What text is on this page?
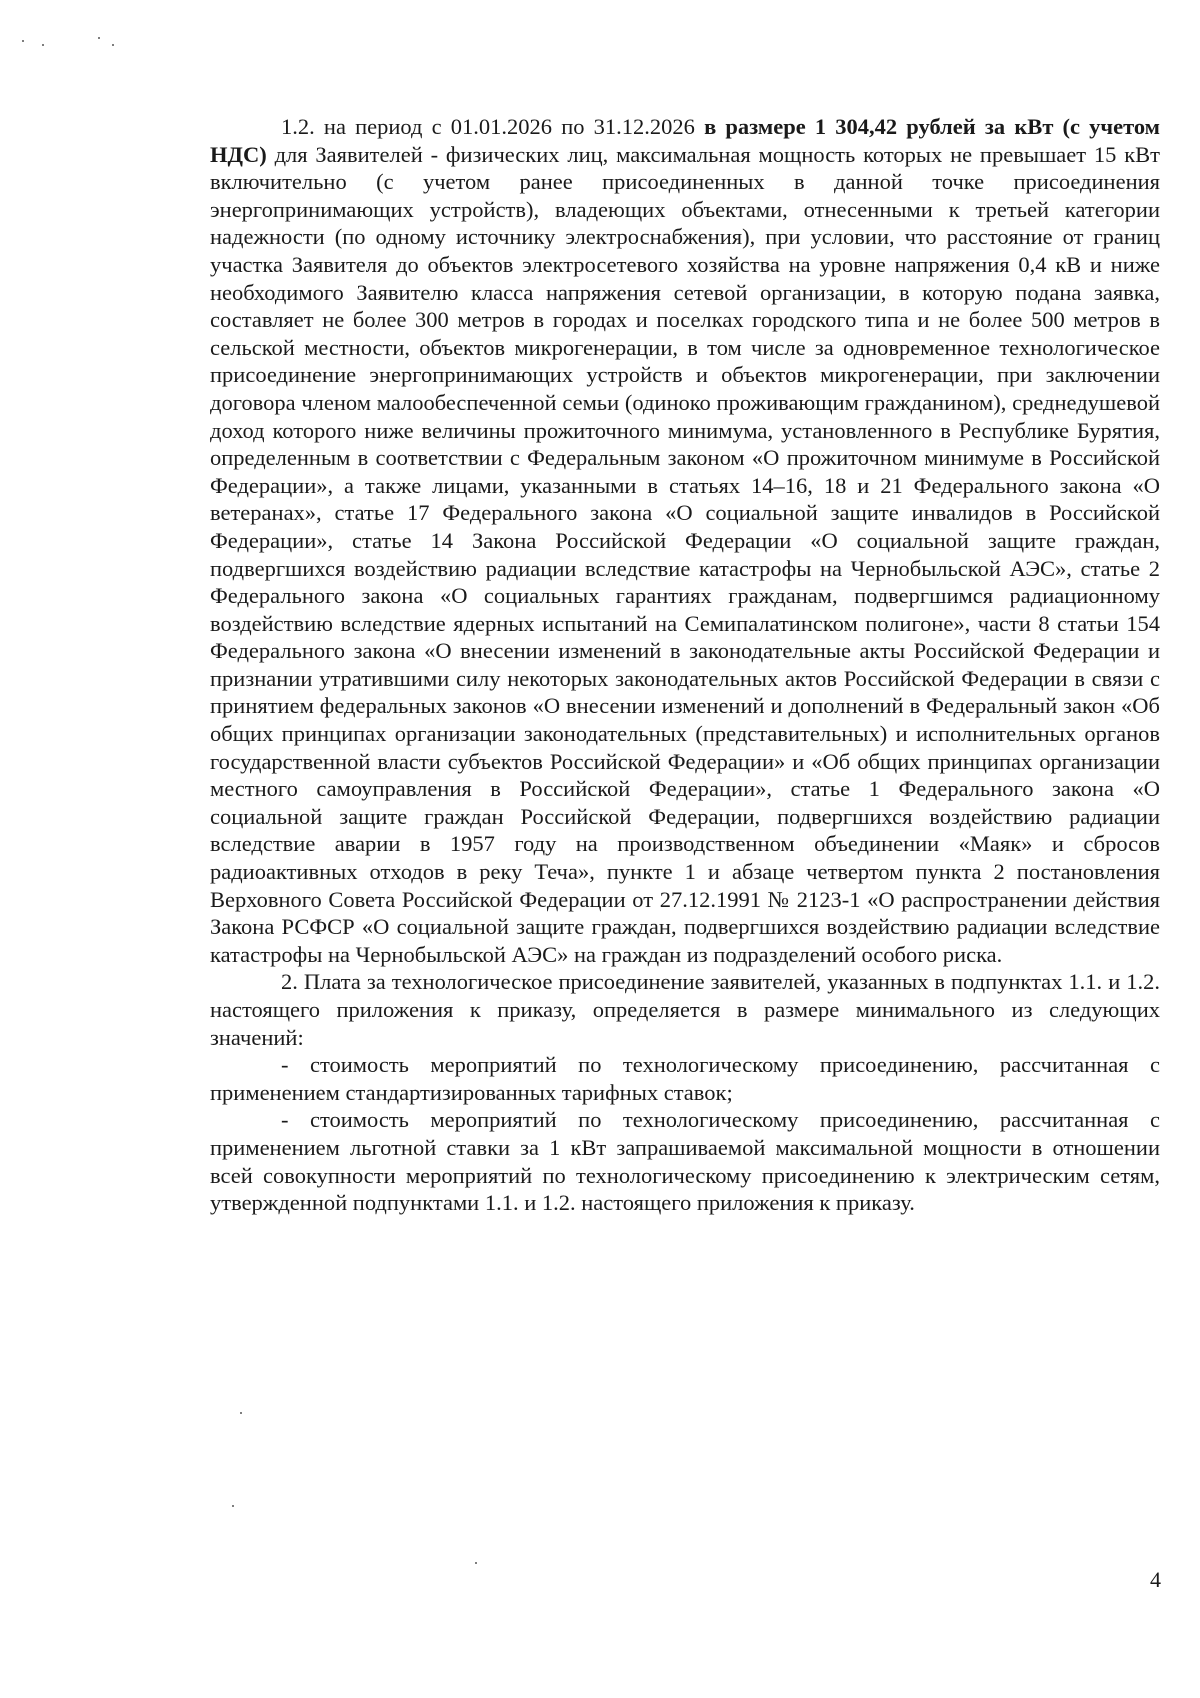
1.2. на период с 01.01.2026 по 31.12.2026 в размере 1 304,42 рублей за кВт (с учетом НДС) для Заявителей - физических лиц, максимальная мощность которых не превышает 15 кВт включительно (с учетом ранее присоединенных в данной точке присоединения энергопринимающих устройств), владеющих объектами, отнесенными к третьей категории надежности (по одному источнику электроснабжения), при условии, что расстояние от границ участка Заявителя до объектов электросетевого хозяйства на уровне напряжения 0,4 кВ и ниже необходимого Заявителю класса напряжения сетевой организации, в которую подана заявка, составляет не более 300 метров в городах и поселках городского типа и не более 500 метров в сельской местности, объектов микрогенерации, в том числе за одновременное технологическое присоединение энергопринимающих устройств и объектов микрогенерации, при заключении договора членом малообеспеченной семьи (одиноко проживающим гражданином), среднедушевой доход которого ниже величины прожиточного минимума, установленного в Республике Бурятия, определенным в соответствии с Федеральным законом «О прожиточном минимуме в Российской Федерации», а также лицами, указанными в статьях 14–16, 18 и 21 Федерального закона «О ветеранах», статье 17 Федерального закона «О социальной защите инвалидов в Российской Федерации», статье 14 Закона Российской Федерации «О социальной защите граждан, подвергшихся воздействию радиации вследствие катастрофы на Чернобыльской АЭС», статье 2 Федерального закона «О социальных гарантиях гражданам, подвергшимся радиационному воздействию вследствие ядерных испытаний на Семипалатинском полигоне», части 8 статьи 154 Федерального закона «О внесении изменений в законодательные акты Российской Федерации и признании утратившими силу некоторых законодательных актов Российской Федерации в связи с принятием федеральных законов «О внесении изменений и дополнений в Федеральный закон «Об общих принципах организации законодательных (представительных) и исполнительных органов государственной власти субъектов Российской Федерации» и «Об общих принципах организации местного самоуправления в Российской Федерации», статье 1 Федерального закона «О социальной защите граждан Российской Федерации, подвергшихся воздействию радиации вследствие аварии в 1957 году на производственном объединении «Маяк» и сбросов радиоактивных отходов в реку Теча», пункте 1 и абзаце четвертом пункта 2 постановления Верховного Совета Российской Федерации от 27.12.1991 № 2123-1 «О распространении действия Закона РСФСР «О социальной защите граждан, подвергшихся воздействию радиации вследствие катастрофы на Чернобыльской АЭС» на граждан из подразделений особого риска.

2. Плата за технологическое присоединение заявителей, указанных в подпунктах 1.1. и 1.2. настоящего приложения к приказу, определяется в размере минимального из следующих значений:

- стоимость мероприятий по технологическому присоединению, рассчитанная с применением стандартизированных тарифных ставок;

- стоимость мероприятий по технологическому присоединению, рассчитанная с применением льготной ставки за 1 кВт запрашиваемой максимальной мощности в отношении всей совокупности мероприятий по технологическому присоединению к электрическим сетям, утвержденной подпунктами 1.1. и 1.2. настоящего приложения к приказу.

4
